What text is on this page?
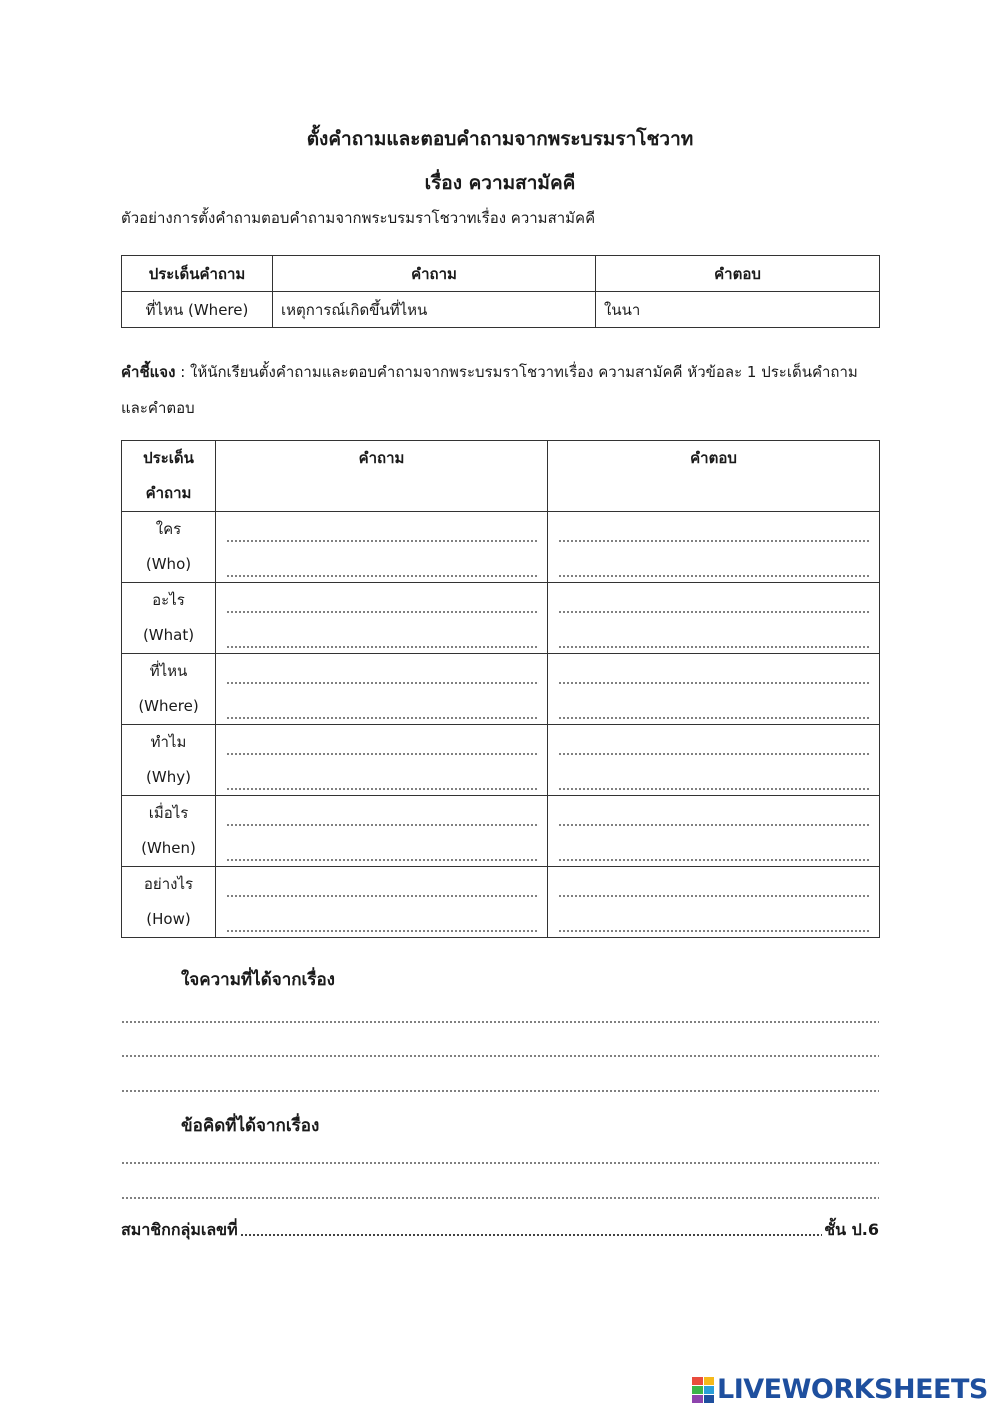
ตั้งคำถามและตอบคำถามจากพระบรมราโชวาท
เรื่อง ความสามัคคี
ตัวอย่างการตั้งคำถามตอบคำถามจากพระบรมราโชวาทเรื่อง ความสามัคคี
ประเด็นคำถาม	คำถาม	คำตอบ
ที่ไหน (Where)	เหตุการณ์เกิดขึ้นที่ไหน	ในนา
คำชี้แจง : ให้นักเรียนตั้งคำถามและตอบคำถามจากพระบรมราโชวาทเรื่อง ความสามัคคี หัวข้อละ 1 ประเด็นคำถามและคำตอบ
ประเด็น
คำถาม	คำถาม	คำตอบ

ใคร
(Who)		

อะไร
(What)		

ที่ไหน
(Where)		

ทำไม
(Why)		

เมื่อไร
(When)		

อย่างไร
(How)		

ใจความที่ได้จากเรื่อง
ข้อคิดที่ได้จากเรื่อง
สมาชิกกลุ่มเลขที่	ชั้น ป.6
LIVEWORKSHEETS
